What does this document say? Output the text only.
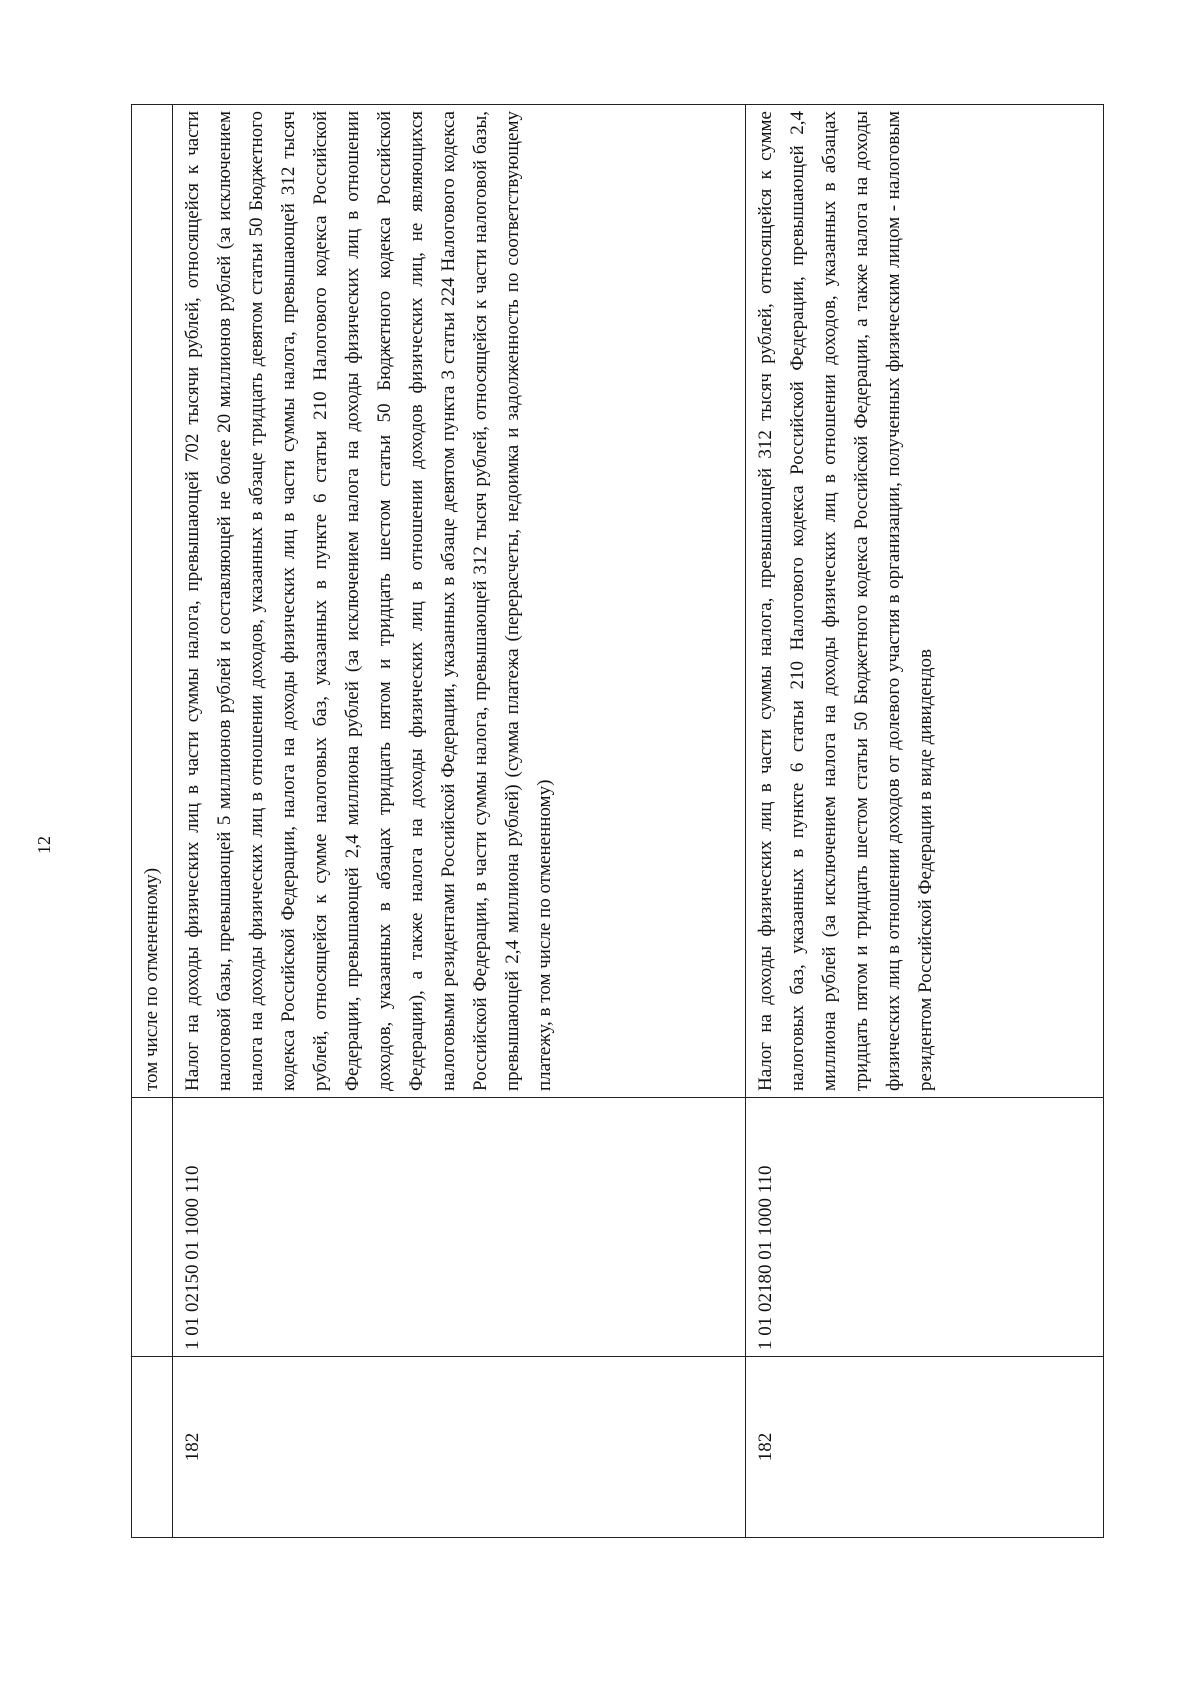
12
		том числе по отмененному)
182	1 01 02150 01 1000 110	Налог на доходы физических лиц в части суммы налога, превышающей 702 тысячи рублей, относящейся к части налоговой базы, превышающей 5 миллионов рублей и составляющей не более 20 миллионов рублей (за исключением налога на доходы физических лиц в отношении доходов, указанных в абзаце тридцать девятом статьи 50 Бюджетного кодекса Российской Федерации, налога на доходы физических лиц в части суммы налога, превышающей 312 тысяч рублей, относящейся к сумме налоговых баз, указанных в пункте 6 статьи 210 Налогового кодекса Российской Федерации, превышающей 2,4 миллиона рублей (за исключением налога на доходы физических лиц в отношении доходов, указанных в абзацах тридцать пятом и тридцать шестом статьи 50 Бюджетного кодекса Российской Федерации), а также налога на доходы физических лиц в отношении доходов физических лиц, не являющихся налоговыми резидентами Российской Федерации, указанных в абзаце девятом пункта 3 статьи 224 Налогового кодекса Российской Федерации, в части суммы налога, превышающей 312 тысяч рублей, относящейся к части налоговой базы, превышающей 2,4 миллиона рублей) (сумма платежа (перерасчеты, недоимка и задолженность по соответствующему платежу, в том числе по отмененному)
182	1 01 02180 01 1000 110	Налог на доходы физических лиц в части суммы налога, превышающей 312 тысяч рублей, относящейся к сумме налоговых баз, указанных в пункте 6 статьи 210 Налогового кодекса Российской Федерации, превышающей 2,4 миллиона рублей (за исключением налога на доходы физических лиц в отношении доходов, указанных в абзацах тридцать пятом и тридцать шестом статьи 50 Бюджетного кодекса Российской Федерации, а также налога на доходы физических лиц в отношении доходов от долевого участия в организации, полученных физическим лицом - налоговым резидентом Российской Федерации в виде дивидендов
